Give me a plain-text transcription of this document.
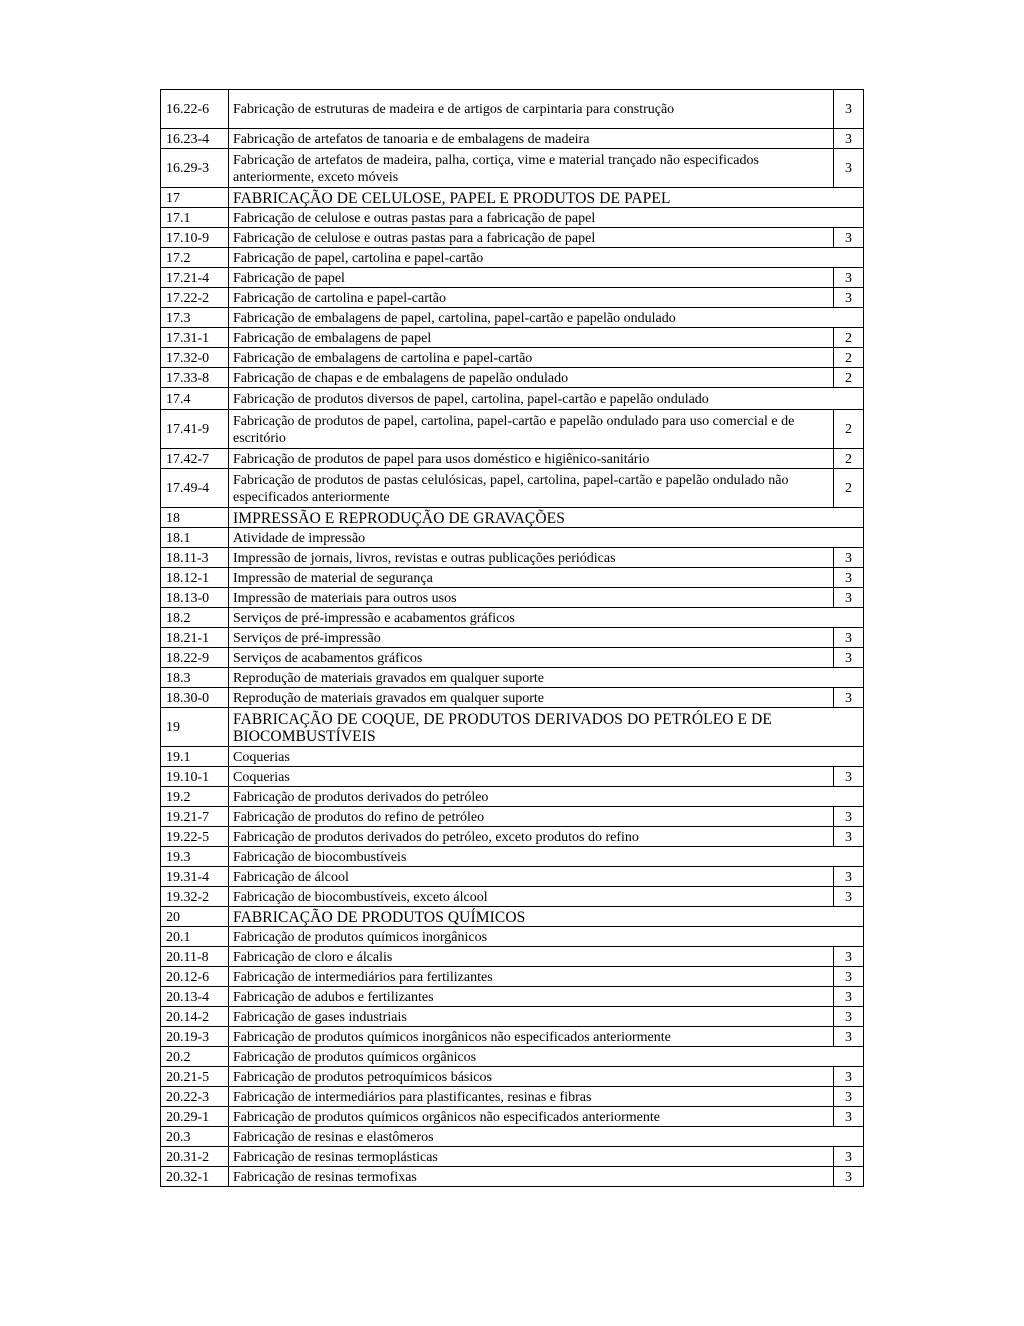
16.22-6	Fabricação de estruturas de madeira e de artigos de carpintaria para construção	3
16.23-4	Fabricação de artefatos de tanoaria e de embalagens de madeira	3
16.29-3	Fabricação de artefatos de madeira, palha, cortiça, vime e material trançado não especificados anteriormente, exceto móveis	3
17	FABRICAÇÃO DE CELULOSE, PAPEL E PRODUTOS DE PAPEL	
17.1	Fabricação de celulose e outras pastas para a fabricação de papel	
17.10-9	Fabricação de celulose e outras pastas para a fabricação de papel	3
17.2	Fabricação de papel, cartolina e papel-cartão	
17.21-4	Fabricação de papel	3
17.22-2	Fabricação de cartolina e papel-cartão	3
17.3	Fabricação de embalagens de papel, cartolina, papel-cartão e papelão ondulado	
17.31-1	Fabricação de embalagens de papel	2
17.32-0	Fabricação de embalagens de cartolina e papel-cartão	2
17.33-8	Fabricação de chapas e de embalagens de papelão ondulado	2
17.4	Fabricação de produtos diversos de papel, cartolina, papel-cartão e papelão ondulado	
17.41-9	Fabricação de produtos de papel, cartolina, papel-cartão e papelão ondulado para uso comercial e de escritório	2
17.42-7	Fabricação de produtos de papel para usos doméstico e higiênico-sanitário	2
17.49-4	Fabricação de produtos de pastas celulósicas, papel, cartolina, papel-cartão e papelão ondulado não especificados anteriormente	2
18	IMPRESSÃO E REPRODUÇÃO DE GRAVAÇÕES	
18.1	Atividade de impressão	
18.11-3	Impressão de jornais, livros, revistas e outras publicações periódicas	3
18.12-1	Impressão de material de segurança	3
18.13-0	Impressão de materiais para outros usos	3
18.2	Serviços de pré-impressão e acabamentos gráficos	
18.21-1	Serviços de pré-impressão	3
18.22-9	Serviços de acabamentos gráficos	3
18.3	Reprodução de materiais gravados em qualquer suporte	
18.30-0	Reprodução de materiais gravados em qualquer suporte	3
19	FABRICAÇÃO DE COQUE, DE PRODUTOS DERIVADOS DO PETRÓLEO E DE BIOCOMBUSTÍVEIS	
19.1	Coquerias	
19.10-1	Coquerias	3
19.2	Fabricação de produtos derivados do petróleo	
19.21-7	Fabricação de produtos do refino de petróleo	3
19.22-5	Fabricação de produtos derivados do petróleo, exceto produtos do refino	3
19.3	Fabricação de biocombustíveis	
19.31-4	Fabricação de álcool	3
19.32-2	Fabricação de biocombustíveis, exceto álcool	3
20	FABRICAÇÃO DE PRODUTOS QUÍMICOS	
20.1	Fabricação de produtos químicos inorgânicos	
20.11-8	Fabricação de cloro e álcalis	3
20.12-6	Fabricação de intermediários para fertilizantes	3
20.13-4	Fabricação de adubos e fertilizantes	3
20.14-2	Fabricação de gases industriais	3
20.19-3	Fabricação de produtos químicos inorgânicos não especificados anteriormente	3
20.2	Fabricação de produtos químicos orgânicos	
20.21-5	Fabricação de produtos petroquímicos básicos	3
20.22-3	Fabricação de intermediários para plastificantes, resinas e fibras	3
20.29-1	Fabricação de produtos químicos orgânicos não especificados anteriormente	3
20.3	Fabricação de resinas e elastômeros	
20.31-2	Fabricação de resinas termoplásticas	3
20.32-1	Fabricação de resinas termofixas	3
